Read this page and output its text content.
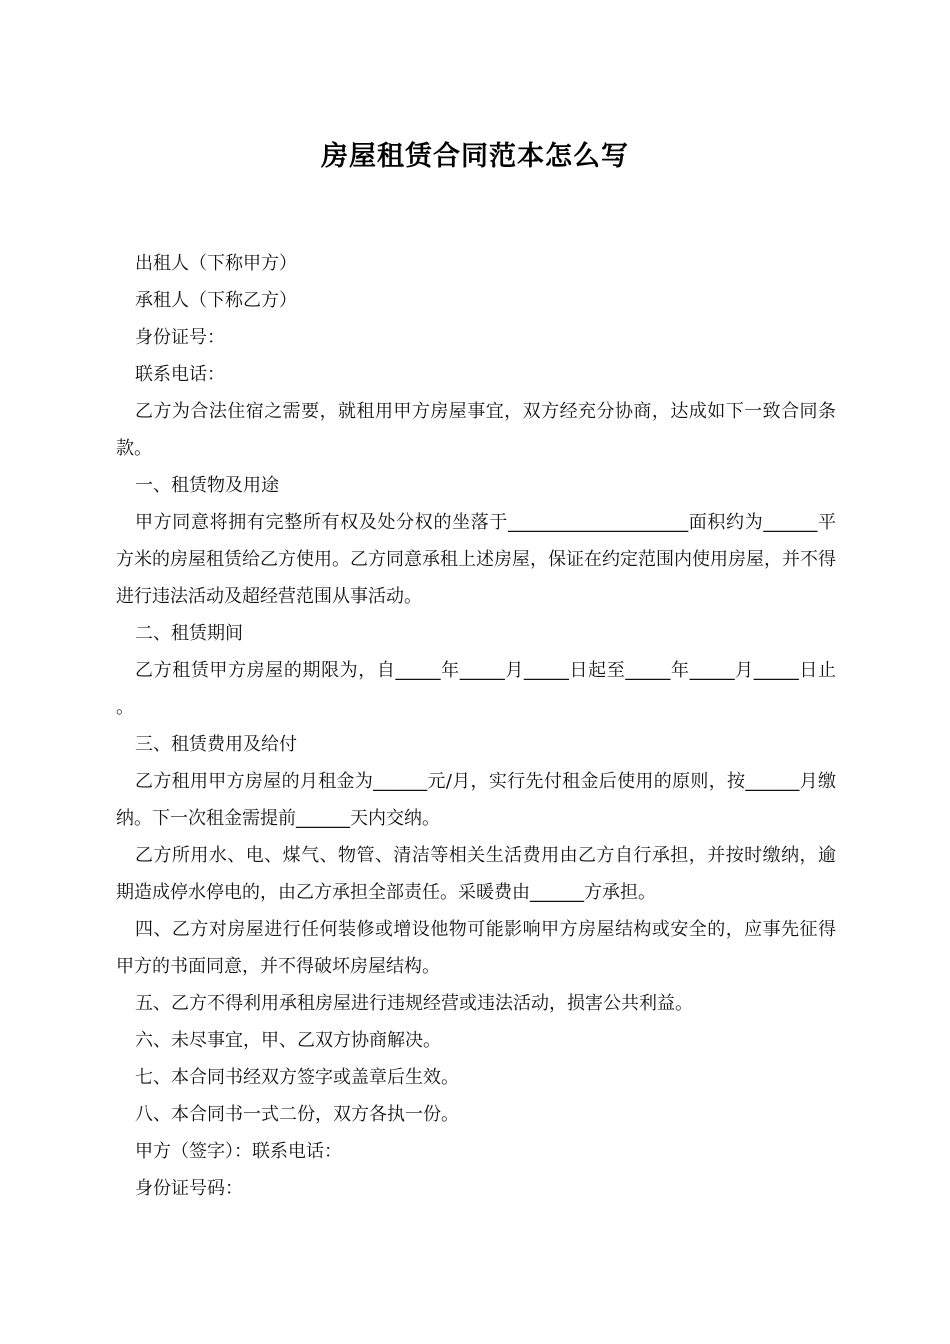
房屋租赁合同范本怎么写

出租人（下称甲方）

承租人（下称乙方）

身份证号：

联系电话：

乙方为合法住宿之需要，就租用甲方房屋事宜，双方经充分协商，达成如下一致合同条款。

一、租赁物及用途

甲方同意将拥有完整所有权及处分权的坐落于____________________面积约为______平方米的房屋租赁给乙方使用。乙方同意承租上述房屋，保证在约定范围内使用房屋，并不得进行违法活动及超经营范围从事活动。

二、租赁期间

乙方租赁甲方房屋的期限为，自_____年_____月_____日起至_____年_____月_____日止。

三、租赁费用及给付

乙方租用甲方房屋的月租金为______元/月，实行先付租金后使用的原则，按______月缴纳。下一次租金需提前______天内交纳。

乙方所用水、电、煤气、物管、清洁等相关生活费用由乙方自行承担，并按时缴纳，逾期造成停水停电的，由乙方承担全部责任。采暖费由______方承担。

四、乙方对房屋进行任何装修或增设他物可能影响甲方房屋结构或安全的，应事先征得甲方的书面同意，并不得破坏房屋结构。

五、乙方不得利用承租房屋进行违规经营或违法活动，损害公共利益。

六、未尽事宜，甲、乙双方协商解决。

七、本合同书经双方签字或盖章后生效。

八、本合同书一式二份，双方各执一份。

甲方（签字）：联系电话：

身份证号码：
